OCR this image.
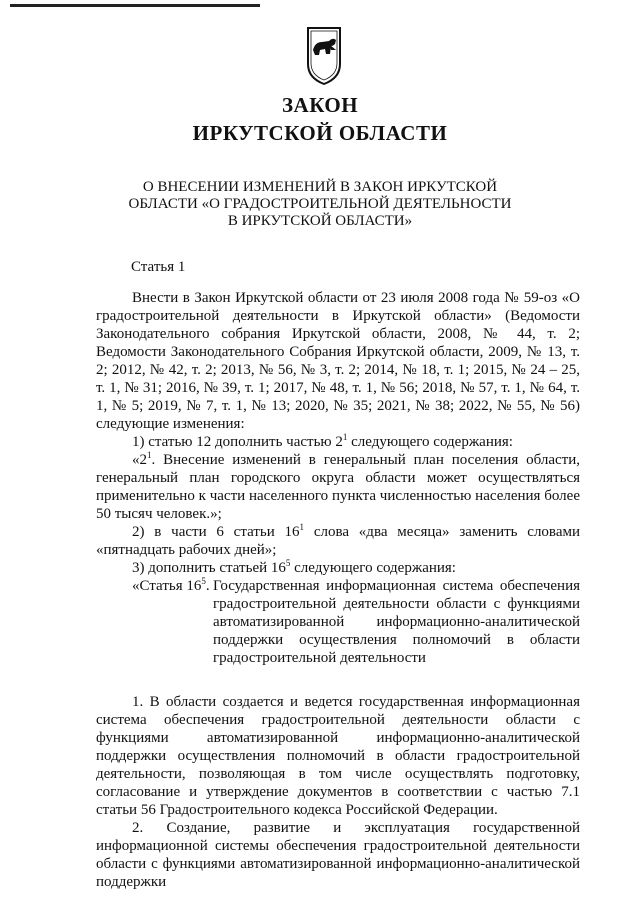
ЗАКОН
ИРКУТСКОЙ ОБЛАСТИ
О ВНЕСЕНИИ ИЗМЕНЕНИЙ В ЗАКОН ИРКУТСКОЙ
ОБЛАСТИ «О ГРАДОСТРОИТЕЛЬНОЙ ДЕЯТЕЛЬНОСТИ
В ИРКУТСКОЙ ОБЛАСТИ»
Статья 1

Внести в Закон Иркутской области от 23 июля 2008 года № 59-оз «О градостроительной деятельности в Иркутской области» (Ведомости Законодательного собрания Иркутской области, 2008, № 44, т. 2; Ведомости Законодательного Собрания Иркутской области, 2009, № 13, т. 2; 2012, № 42, т. 2; 2013, № 56, № 3, т. 2; 2014, № 18, т. 1; 2015, № 24 – 25, т. 1, № 31; 2016, № 39, т. 1; 2017, № 48, т. 1, № 56; 2018, № 57, т. 1, № 64, т. 1, № 5; 2019, № 7, т. 1, № 13; 2020, № 35; 2021, № 38; 2022, № 55, № 56) следующие изменения:

1) статью 12 дополнить частью $2^1$ следующего содержания:

«$2^1$. Внесение изменений в генеральный план поселения области, генеральный план городского округа области может осуществляться применительно к части населенного пункта численностью населения более 50 тысяч человек.»;

2) в части 6 статьи $16^1$ слова «два месяца» заменить словами «пятнадцать рабочих дней»;

3) дополнить статьей $16^5$ следующего содержания:

«Статья $16^5$. Государственная информационная система обеспечения градостроительной деятельности области с функциями автоматизированной информационно-аналитической поддержки осуществления полномочий в области градостроительной деятельности

1. В области создается и ведется государственная информационная система обеспечения градостроительной деятельности области с функциями автоматизированной информационно-аналитической поддержки осуществления полномочий в области градостроительной деятельности, позволяющая в том числе осуществлять подготовку, согласование и утверждение документов в соответствии с частью 7.1 статьи 56 Градостроительного кодекса Российской Федерации.

2. Создание, развитие и эксплуатация государственной информационной системы обеспечения градостроительной деятельности области с функциями автоматизированной информационно-аналитической поддержки
